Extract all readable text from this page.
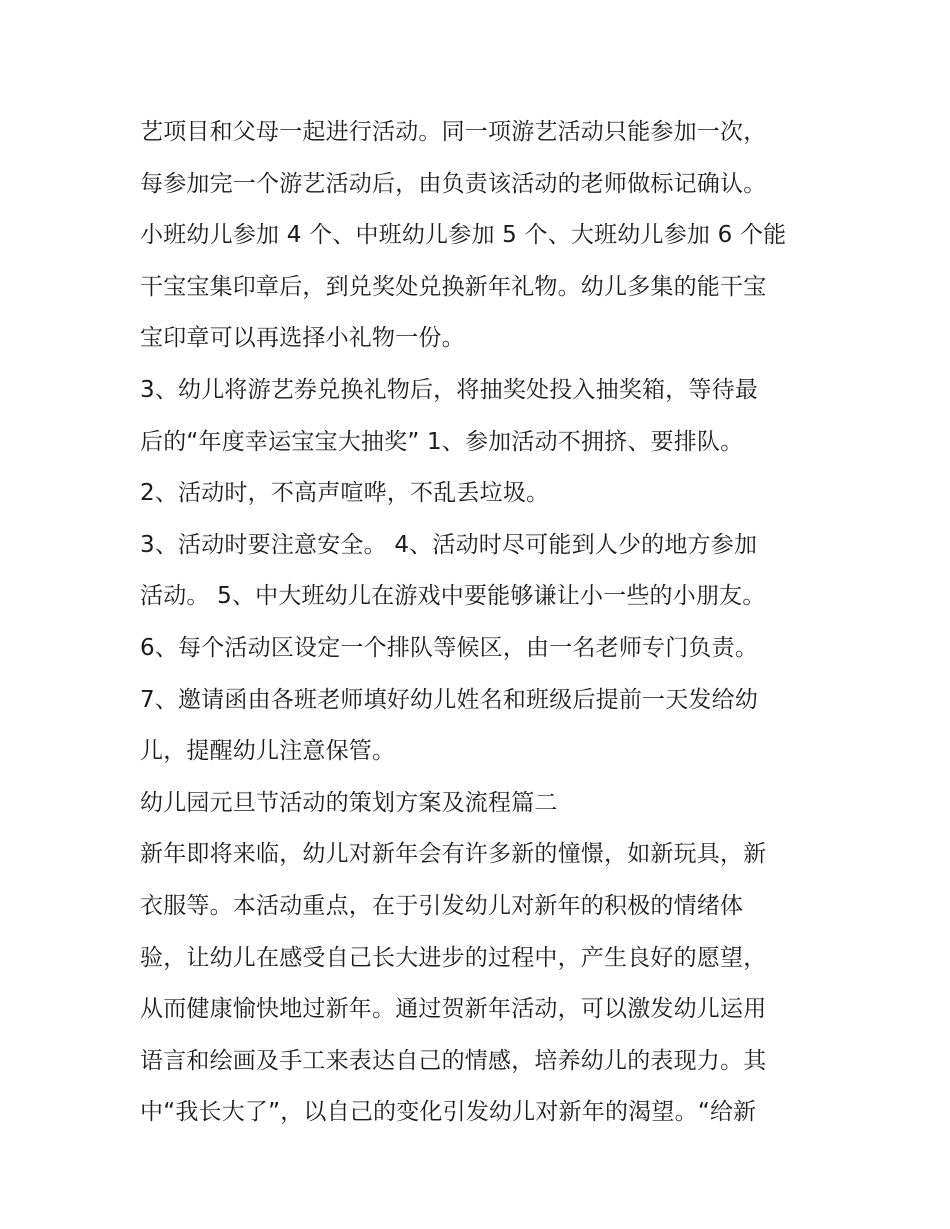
艺项目和父母一起进行活动。同一项游艺活动只能参加一次，
每参加完一个游艺活动后，由负责该活动的老师做标记确认。
小班幼儿参加 4 个、中班幼儿参加 5 个、大班幼儿参加 6 个能
干宝宝集印章后，到兑奖处兑换新年礼物。幼儿多集的能干宝
宝印章可以再选择小礼物一份。
3、幼儿将游艺券兑换礼物后，将抽奖处投入抽奖箱，等待最
后的“年度幸运宝宝大抽奖” 1、参加活动不拥挤、要排队。
2、活动时，不高声喧哗，不乱丢垃圾。
3、活动时要注意安全。 4、活动时尽可能到人少的地方参加
活动。 5、中大班幼儿在游戏中要能够谦让小一些的小朋友。
6、每个活动区设定一个排队等候区，由一名老师专门负责。
7、邀请函由各班老师填好幼儿姓名和班级后提前一天发给幼
儿，提醒幼儿注意保管。
幼儿园元旦节活动的策划方案及流程篇二
新年即将来临，幼儿对新年会有许多新的憧憬，如新玩具，新
衣服等。本活动重点，在于引发幼儿对新年的积极的情绪体
验，让幼儿在感受自己长大进步的过程中，产生良好的愿望，
从而健康愉快地过新年。通过贺新年活动，可以激发幼儿运用
语言和绘画及手工来表达自己的情感，培养幼儿的表现力。其
中“我长大了”，以自己的变化引发幼儿对新年的渴望。“给新
